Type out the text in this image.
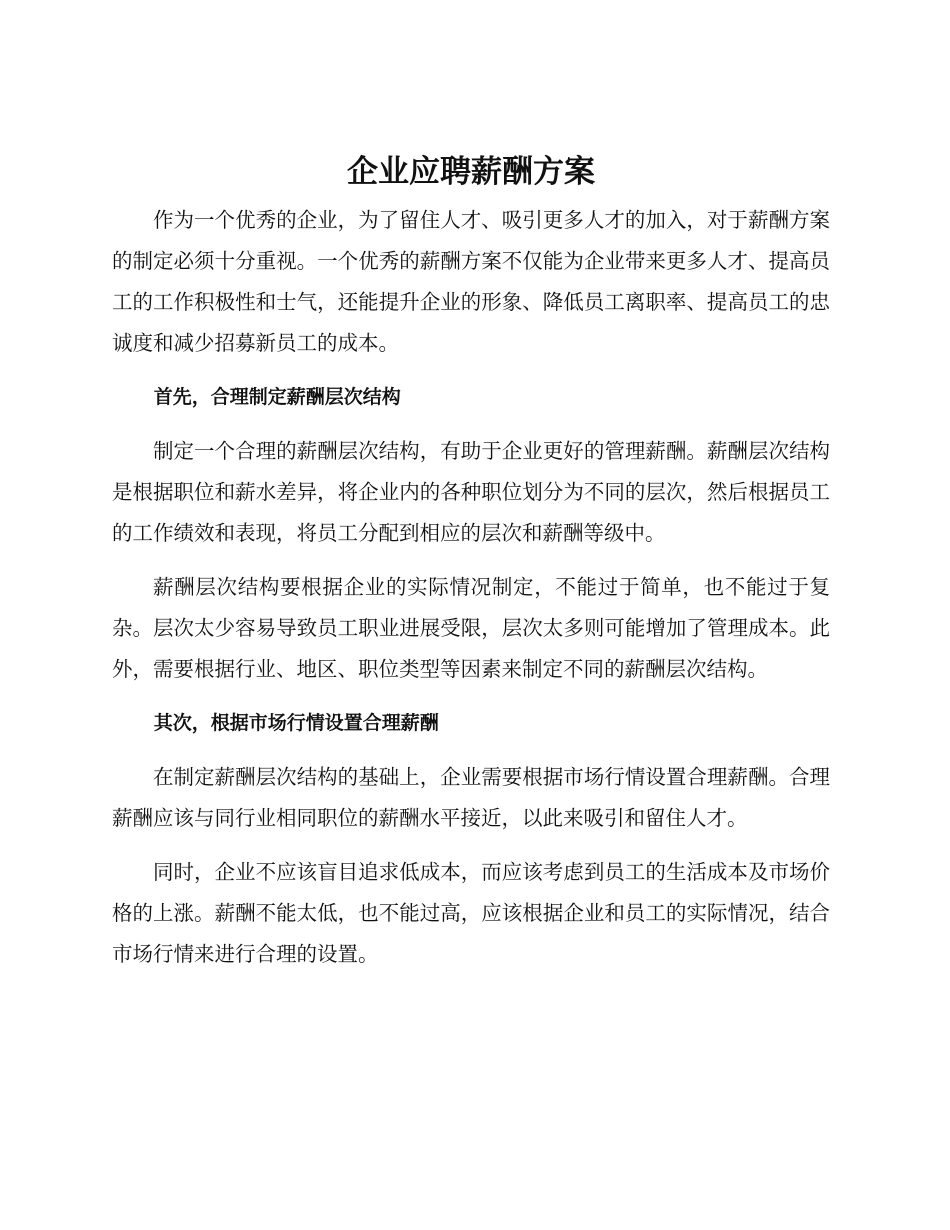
企业应聘薪酬方案

作为一个优秀的企业，为了留住人才、吸引更多人才的加入，对于薪酬方案的制定必须十分重视。一个优秀的薪酬方案不仅能为企业带来更多人才、提高员工的工作积极性和士气，还能提升企业的形象、降低员工离职率、提高员工的忠诚度和减少招募新员工的成本。

首先，合理制定薪酬层次结构

制定一个合理的薪酬层次结构，有助于企业更好的管理薪酬。薪酬层次结构是根据职位和薪水差异，将企业内的各种职位划分为不同的层次，然后根据员工的工作绩效和表现，将员工分配到相应的层次和薪酬等级中。

薪酬层次结构要根据企业的实际情况制定，不能过于简单，也不能过于复杂。层次太少容易导致员工职业进展受限，层次太多则可能增加了管理成本。此外，需要根据行业、地区、职位类型等因素来制定不同的薪酬层次结构。

其次，根据市场行情设置合理薪酬

在制定薪酬层次结构的基础上，企业需要根据市场行情设置合理薪酬。合理薪酬应该与同行业相同职位的薪酬水平接近，以此来吸引和留住人才。

同时，企业不应该盲目追求低成本，而应该考虑到员工的生活成本及市场价格的上涨。薪酬不能太低，也不能过高，应该根据企业和员工的实际情况，结合市场行情来进行合理的设置。
